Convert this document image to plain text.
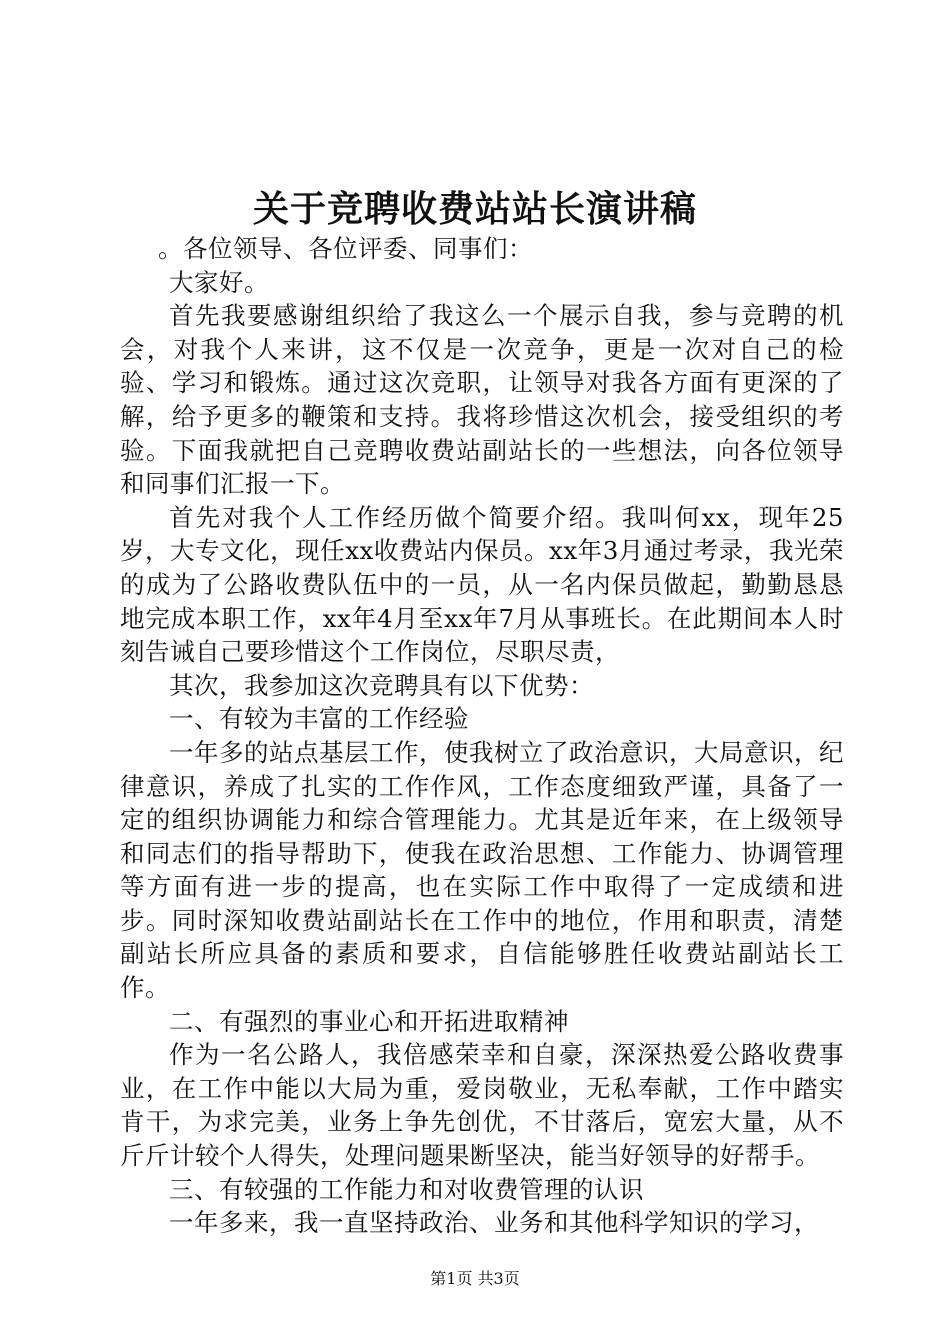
关于竞聘收费站站长演讲稿

。各位领导、各位评委、同事们：

大家好。

首先我要感谢组织给了我这么一个展示自我，参与竞聘的机会，对我个人来讲，这不仅是一次竞争，更是一次对自己的检验、学习和锻炼。通过这次竞职，让领导对我各方面有更深的了解，给予更多的鞭策和支持。我将珍惜这次机会，接受组织的考验。下面我就把自己竞聘收费站副站长的一些想法，向各位领导和同事们汇报一下。

首先对我个人工作经历做个简要介绍。我叫何xx，现年25岁，大专文化，现任xx收费站内保员。xx年3月通过考录，我光荣的成为了公路收费队伍中的一员，从一名内保员做起，勤勤恳恳地完成本职工作，xx年4月至xx年7月从事班长。在此期间本人时刻告诫自己要珍惜这个工作岗位，尽职尽责，

其次，我参加这次竞聘具有以下优势：

一、有较为丰富的工作经验

一年多的站点基层工作，使我树立了政治意识，大局意识，纪律意识，养成了扎实的工作作风，工作态度细致严谨，具备了一定的组织协调能力和综合管理能力。尤其是近年来，在上级领导和同志们的指导帮助下，使我在政治思想、工作能力、协调管理等方面有进一步的提高，也在实际工作中取得了一定成绩和进步。同时深知收费站副站长在工作中的地位，作用和职责，清楚副站长所应具备的素质和要求，自信能够胜任收费站副站长工作。

二、有强烈的事业心和开拓进取精神

作为一名公路人，我倍感荣幸和自豪，深深热爱公路收费事业，在工作中能以大局为重，爱岗敬业，无私奉献，工作中踏实肯干，为求完美，业务上争先创优，不甘落后，宽宏大量，从不斤斤计较个人得失，处理问题果断坚决，能当好领导的好帮手。

三、有较强的工作能力和对收费管理的认识

一年多来，我一直坚持政治、业务和其他科学知识的学习，

第1页 共3页
